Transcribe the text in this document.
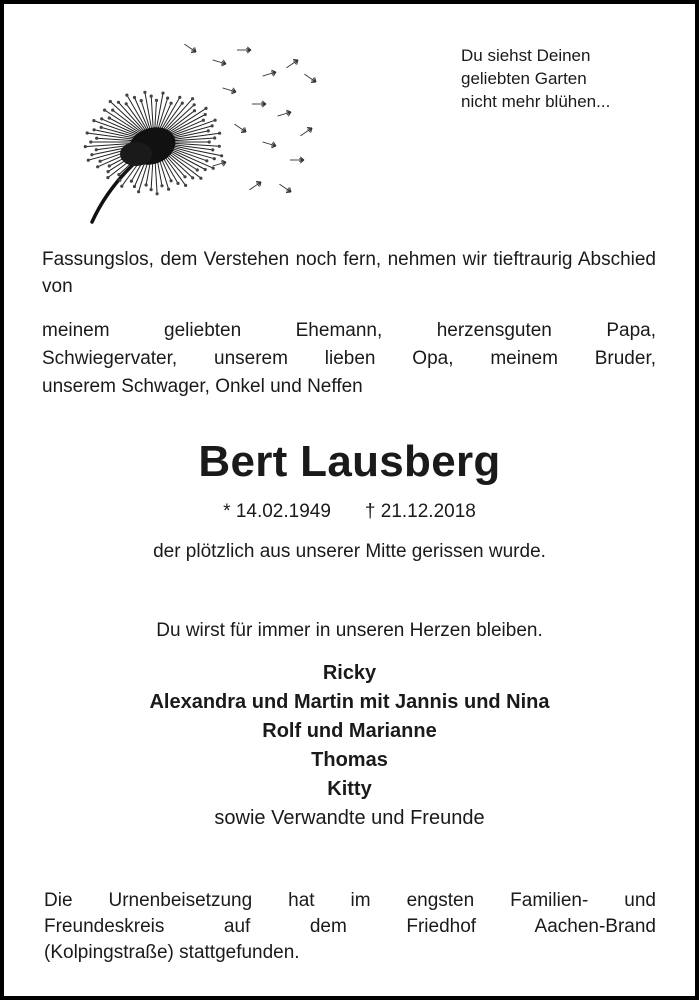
Du siehst Deinen
geliebten Garten
nicht mehr blühen...
Fassungslos, dem Verstehen noch fern, nehmen wir tieftraurig Abschied von
meinem geliebten Ehemann, herzensguten Papa,
Schwiegervater, unserem lieben Opa, meinem Bruder,
unserem Schwager, Onkel und Neffen
Bert Lausberg
* 14.02.1949 † 21.12.2018
der plötzlich aus unserer Mitte gerissen wurde.
Du wirst für immer in unseren Herzen bleiben.
Ricky
Alexandra und Martin mit Jannis und Nina
Rolf und Marianne
Thomas
Kitty
sowie Verwandte und Freunde
Die Urnenbeisetzung hat im engsten Familien- und
Freundeskreis auf dem Friedhof Aachen-Brand
(Kolpingstraße) stattgefunden.
